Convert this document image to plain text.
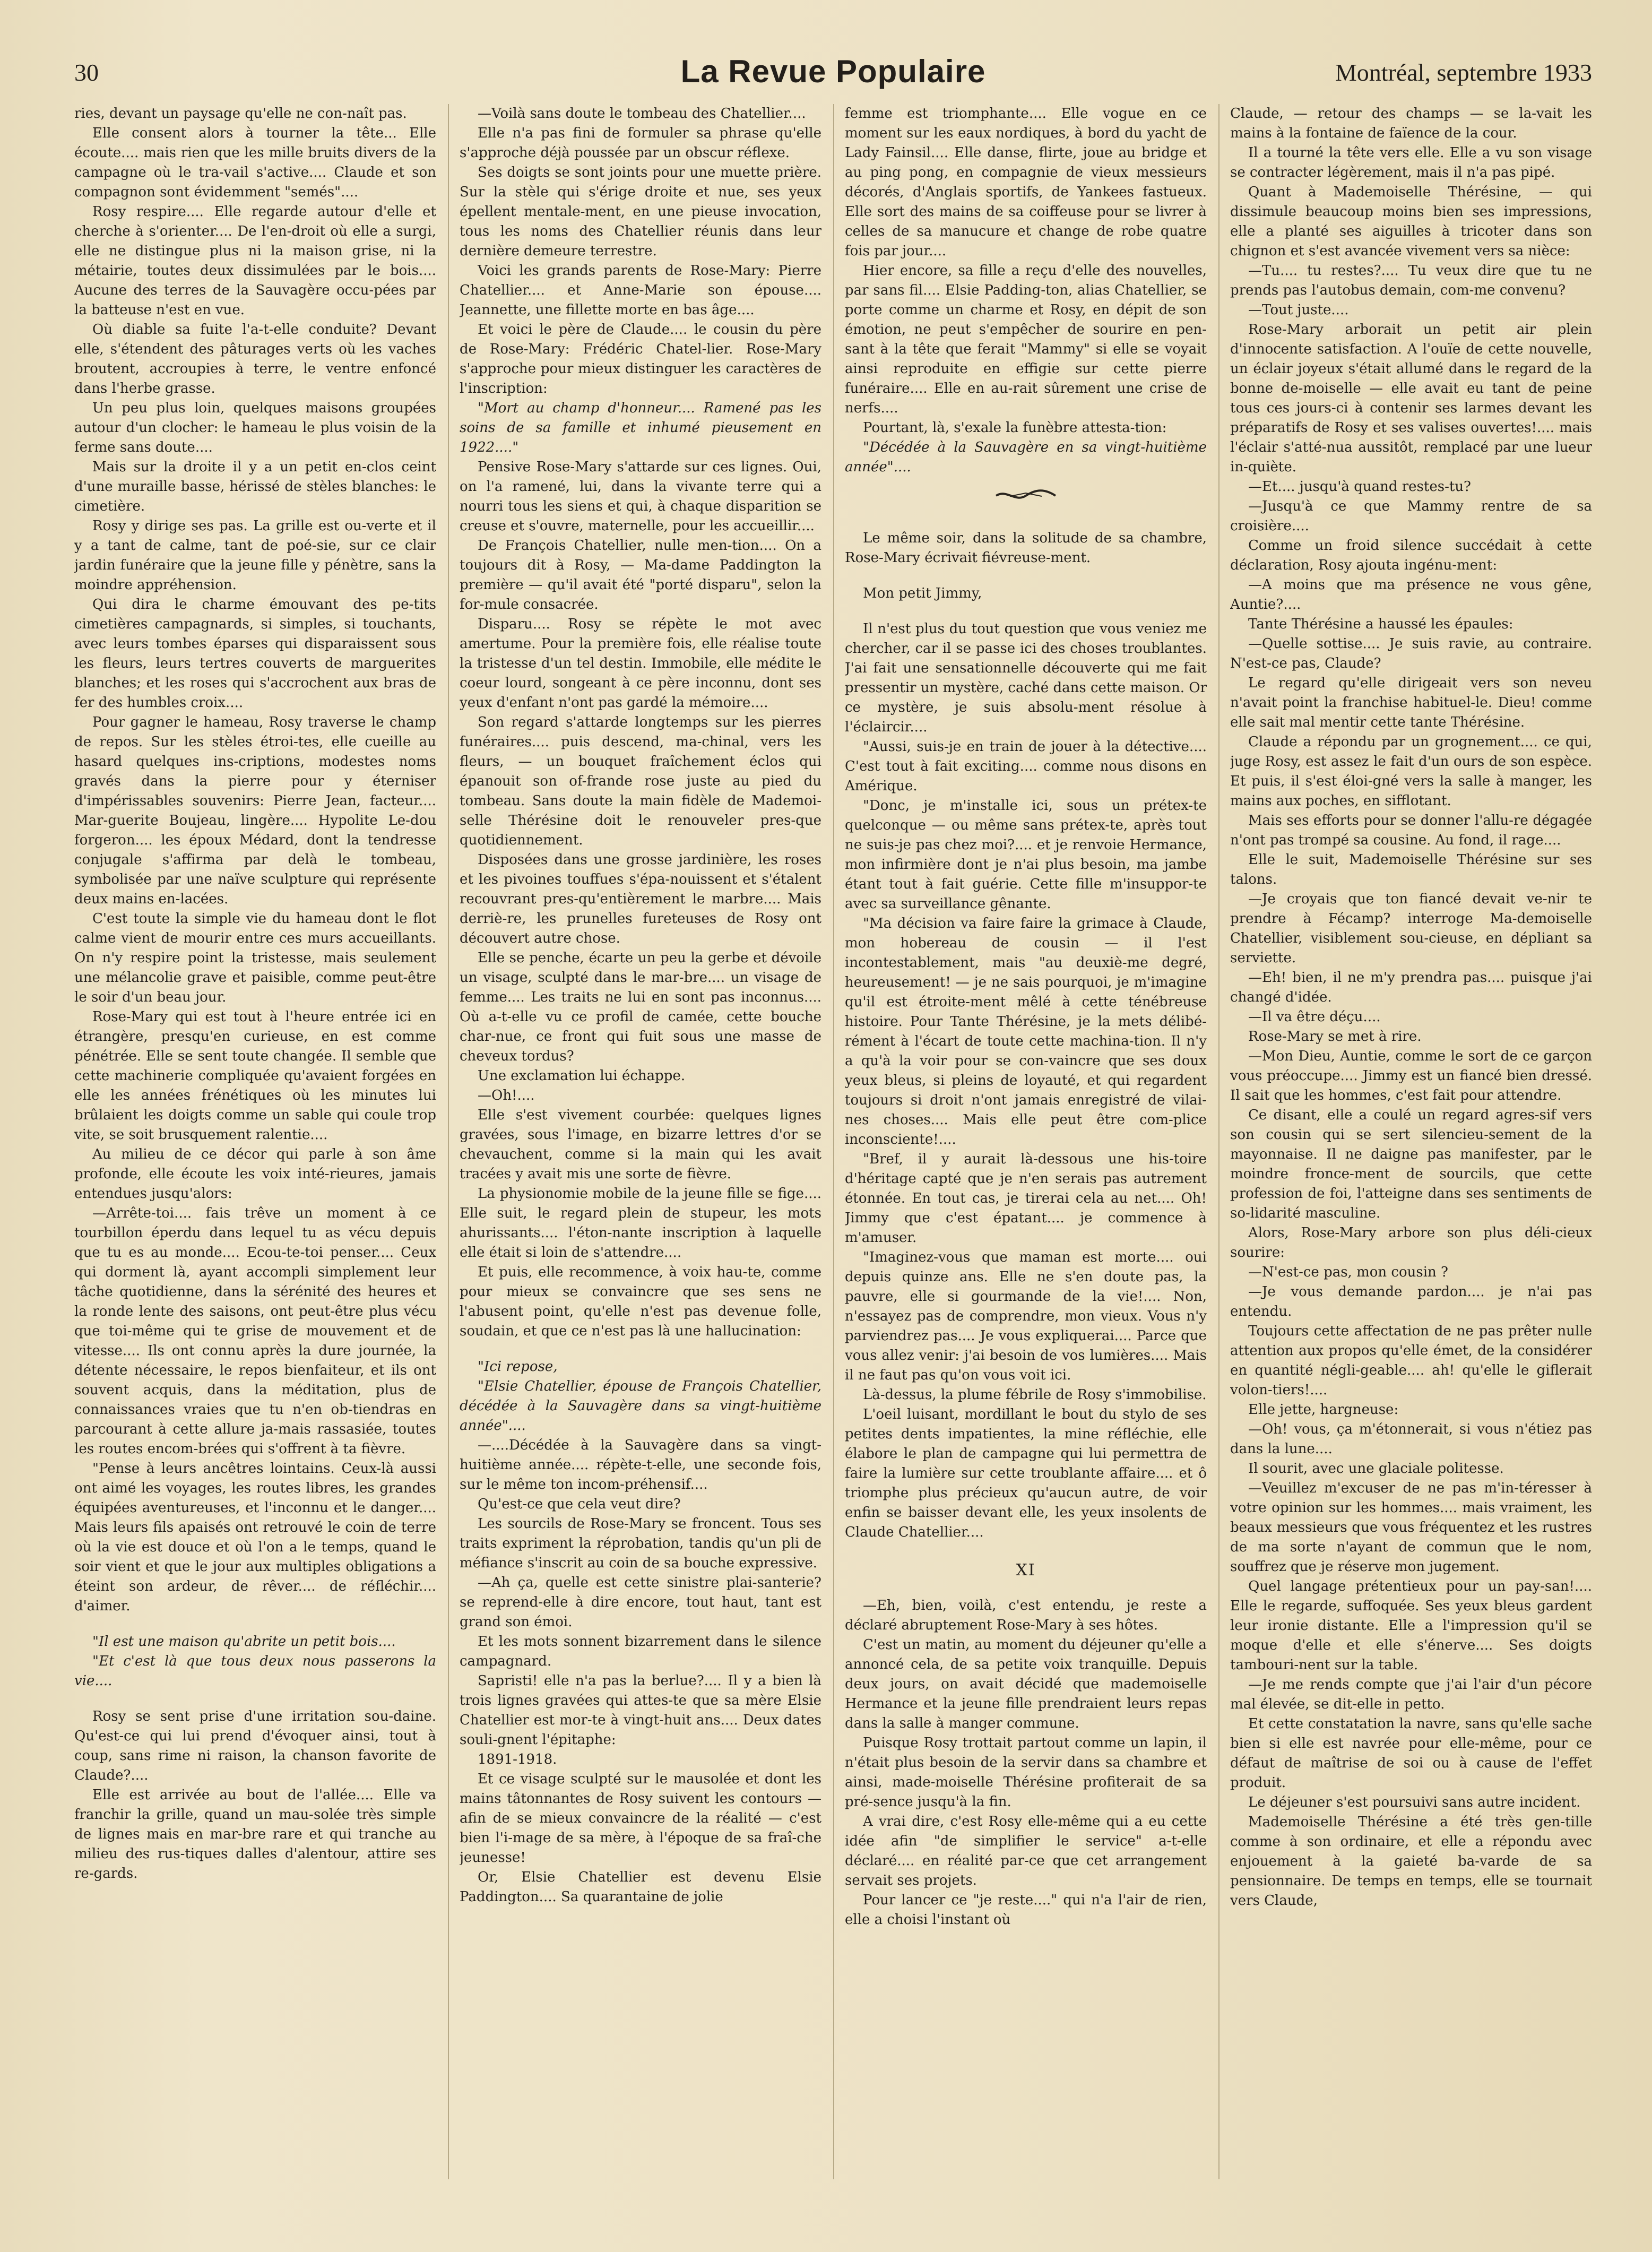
30	La Revue Populaire	Montréal, septembre 1933

ries, devant un paysage qu'elle ne con-naît pas.

Elle consent alors à tourner la tête... Elle écoute.... mais rien que les mille bruits divers de la campagne où le tra-vail s'active.... Claude et son compagnon sont évidemment "semés"....

Rosy respire.... Elle regarde autour d'elle et cherche à s'orienter.... De l'en-droit où elle a surgi, elle ne distingue plus ni la maison grise, ni la métairie, toutes deux dissimulées par le bois.... Aucune des terres de la Sauvagère occu-pées par la batteuse n'est en vue.

Où diable sa fuite l'a-t-elle conduite? Devant elle, s'étendent des pâturages verts où les vaches broutent, accroupies à terre, le ventre enfoncé dans l'herbe grasse.

Un peu plus loin, quelques maisons groupées autour d'un clocher: le hameau le plus voisin de la ferme sans doute....

Mais sur la droite il y a un petit en-clos ceint d'une muraille basse, hérissé de stèles blanches: le cimetière.

Rosy y dirige ses pas. La grille est ou-verte et il y a tant de calme, tant de poé-sie, sur ce clair jardin funéraire que la jeune fille y pénètre, sans la moindre appréhension.

Qui dira le charme émouvant des pe-tits cimetières campagnards, si simples, si touchants, avec leurs tombes éparses qui disparaissent sous les fleurs, leurs tertres couverts de marguerites blanches; et les roses qui s'accrochent aux bras de fer des humbles croix....

Pour gagner le hameau, Rosy traverse le champ de repos. Sur les stèles étroi-tes, elle cueille au hasard quelques ins-criptions, modestes noms gravés dans la pierre pour y éterniser d'impérissables souvenirs: Pierre Jean, facteur.... Mar-guerite Boujeau, lingère.... Hypolite Le-dou forgeron.... les époux Médard, dont la tendresse conjugale s'affirma par delà le tombeau, symbolisée par une naïve sculpture qui représente deux mains en-lacées.

C'est toute la simple vie du hameau dont le flot calme vient de mourir entre ces murs accueillants. On n'y respire point la tristesse, mais seulement une mélancolie grave et paisible, comme peut-être le soir d'un beau jour.

Rose-Mary qui est tout à l'heure entrée ici en étrangère, presqu'en curieuse, en est comme pénétrée. Elle se sent toute changée. Il semble que cette machinerie compliquée qu'avaient forgées en elle les années frénétiques où les minutes lui brûlaient les doigts comme un sable qui coule trop vite, se soit brusquement ralentie....

Au milieu de ce décor qui parle à son âme profonde, elle écoute les voix inté-rieures, jamais entendues jusqu'alors:

—Arrête-toi.... fais trêve un moment à ce tourbillon éperdu dans lequel tu as vécu depuis que tu es au monde.... Ecou-te-toi penser.... Ceux qui dorment là, ayant accompli simplement leur tâche quotidienne, dans la sérénité des heures et la ronde lente des saisons, ont peut-être plus vécu que toi-même qui te grise de mouvement et de vitesse.... Ils ont connu après la dure journée, la détente nécessaire, le repos bienfaiteur, et ils ont souvent acquis, dans la méditation, plus de connaissances vraies que tu n'en ob-tiendras en parcourant à cette allure ja-mais rassasiée, toutes les routes encom-brées qui s'offrent à ta fièvre.

"Pense à leurs ancêtres lointains. Ceux-là aussi ont aimé les voyages, les routes libres, les grandes équipées aventureuses, et l'inconnu et le danger.... Mais leurs fils apaisés ont retrouvé le coin de terre où la vie est douce et où l'on a le temps, quand le soir vient et que le jour aux multiples obligations a éteint son ardeur, de rêver.... de réfléchir.... d'aimer.

"Il est une maison qu'abrite un petit bois....

"Et c'est là que tous deux nous passerons la vie....

Rosy se sent prise d'une irritation sou-daine. Qu'est-ce qui lui prend d'évoquer ainsi, tout à coup, sans rime ni raison, la chanson favorite de Claude?....

Elle est arrivée au bout de l'allée.... Elle va franchir la grille, quand un mau-solée très simple de lignes mais en mar-bre rare et qui tranche au milieu des rus-tiques dalles d'alentour, attire ses re-gards.

—Voilà sans doute le tombeau des Chatellier....

Elle n'a pas fini de formuler sa phrase qu'elle s'approche déjà poussée par un obscur réflexe.

Ses doigts se sont joints pour une muette prière. Sur la stèle qui s'érige droite et nue, ses yeux épellent mentale-ment, en une pieuse invocation, tous les noms des Chatellier réunis dans leur dernière demeure terrestre.

Voici les grands parents de Rose-Mary: Pierre Chatellier.... et Anne-Marie son épouse.... Jeannette, une fillette morte en bas âge....

Et voici le père de Claude.... le cousin du père de Rose-Mary: Frédéric Chatel-lier. Rose-Mary s'approche pour mieux distinguer les caractères de l'inscription:

"Mort au champ d'honneur.... Ramené pas les soins de sa famille et inhumé pieusement en 1922...."

Pensive Rose-Mary s'attarde sur ces lignes. Oui, on l'a ramené, lui, dans la vivante terre qui a nourri tous les siens et qui, à chaque disparition se creuse et s'ouvre, maternelle, pour les accueillir....

De François Chatellier, nulle men-tion.... On a toujours dit à Rosy, — Ma-dame Paddington la première — qu'il avait été "porté disparu", selon la for-mule consacrée.

Disparu.... Rosy se répète le mot avec amertume. Pour la première fois, elle réalise toute la tristesse d'un tel destin. Immobile, elle médite le coeur lourd, songeant à ce père inconnu, dont ses yeux d'enfant n'ont pas gardé la mémoire....

Son regard s'attarde longtemps sur les pierres funéraires.... puis descend, ma-chinal, vers les fleurs, — un bouquet fraîchement éclos qui épanouit son of-frande rose juste au pied du tombeau. Sans doute la main fidèle de Mademoi-selle Thérésine doit le renouveler pres-que quotidiennement.

Disposées dans une grosse jardinière, les roses et les pivoines touffues s'épa-nouissent et s'étalent recouvrant pres-qu'entièrement le marbre.... Mais derriè-re, les prunelles fureteuses de Rosy ont découvert autre chose.

Elle se penche, écarte un peu la gerbe et dévoile un visage, sculpté dans le mar-bre.... un visage de femme.... Les traits ne lui en sont pas inconnus.... Où a-t-elle vu ce profil de camée, cette bouche char-nue, ce front qui fuit sous une masse de cheveux tordus?

Une exclamation lui échappe.

—Oh!....

Elle s'est vivement courbée: quelques lignes gravées, sous l'image, en bizarre lettres d'or se chevauchent, comme si la main qui les avait tracées y avait mis une sorte de fièvre.

La physionomie mobile de la jeune fille se fige.... Elle suit, le regard plein de stupeur, les mots ahurissants.... l'éton-nante inscription à laquelle elle était si loin de s'attendre....

Et puis, elle recommence, à voix hau-te, comme pour mieux se convaincre que ses sens ne l'abusent point, qu'elle n'est pas devenue folle, soudain, et que ce n'est pas là une hallucination:

"Ici repose,

"Elsie Chatellier, épouse de François Chatellier, décédée à la Sauvagère dans sa vingt-huitième année"....

—....Décédée à la Sauvagère dans sa vingt-huitième année.... répète-t-elle, une seconde fois, sur le même ton incom-préhensif....

Qu'est-ce que cela veut dire?

Les sourcils de Rose-Mary se froncent. Tous ses traits expriment la réprobation, tandis qu'un pli de méfiance s'inscrit au coin de sa bouche expressive.

—Ah ça, quelle est cette sinistre plai-santerie? se reprend-elle à dire encore, tout haut, tant est grand son émoi.

Et les mots sonnent bizarrement dans le silence campagnard.

Sapristi! elle n'a pas la berlue?.... Il y a bien là trois lignes gravées qui attes-te que sa mère Elsie Chatellier est mor-te à vingt-huit ans.... Deux dates souli-gnent l'épitaphe:

1891-1918.

Et ce visage sculpté sur le mausolée et dont les mains tâtonnantes de Rosy suivent les contours — afin de se mieux convaincre de la réalité — c'est bien l'i-mage de sa mère, à l'époque de sa fraî-che jeunesse!

Or, Elsie Chatellier est devenu Elsie Paddington.... Sa quarantaine de jolie

femme est triomphante.... Elle vogue en ce moment sur les eaux nordiques, à bord du yacht de Lady Fainsil.... Elle danse, flirte, joue au bridge et au ping pong, en compagnie de vieux messieurs décorés, d'Anglais sportifs, de Yankees fastueux. Elle sort des mains de sa coiffeuse pour se livrer à celles de sa manucure et change de robe quatre fois par jour....

Hier encore, sa fille a reçu d'elle des nouvelles, par sans fil.... Elsie Padding-ton, alias Chatellier, se porte comme un charme et Rosy, en dépit de son émotion, ne peut s'empêcher de sourire en pen-sant à la tête que ferait "Mammy" si elle se voyait ainsi reproduite en effigie sur cette pierre funéraire.... Elle en au-rait sûrement une crise de nerfs....

Pourtant, là, s'exale la funèbre attesta-tion:

"Décédée à la Sauvagère en sa vingt-huitième année"....

Le même soir, dans la solitude de sa chambre, Rose-Mary écrivait fiévreuse-ment.

Mon petit Jimmy,

Il n'est plus du tout question que vous veniez me chercher, car il se passe ici des choses troublantes. J'ai fait une sensationnelle découverte qui me fait pressentir un mystère, caché dans cette maison. Or ce mystère, je suis absolu-ment résolue à l'éclaircir....

"Aussi, suis-je en train de jouer à la détective.... C'est tout à fait exciting.... comme nous disons en Amérique.

"Donc, je m'installe ici, sous un prétex-te quelconque — ou même sans prétex-te, après tout ne suis-je pas chez moi?.... et je renvoie Hermance, mon infirmière dont je n'ai plus besoin, ma jambe étant tout à fait guérie. Cette fille m'insuppor-te avec sa surveillance gênante.

"Ma décision va faire faire la grimace à Claude, mon hobereau de cousin — il l'est incontestablement, mais "au deuxiè-me degré, heureusement! — je ne sais pourquoi, je m'imagine qu'il est étroite-ment mêlé à cette ténébreuse histoire. Pour Tante Thérésine, je la mets délibé-rément à l'écart de toute cette machina-tion. Il n'y a qu'à la voir pour se con-vaincre que ses doux yeux bleus, si pleins de loyauté, et qui regardent toujours si droit n'ont jamais enregistré de vilai-nes choses.... Mais elle peut être com-plice inconsciente!....

"Bref, il y aurait là-dessous une his-toire d'héritage capté que je n'en serais pas autrement étonnée. En tout cas, je tirerai cela au net.... Oh! Jimmy que c'est épatant.... je commence à m'amuser.

"Imaginez-vous que maman est morte.... oui depuis quinze ans. Elle ne s'en doute pas, la pauvre, elle si gourmande de la vie!.... Non, n'essayez pas de comprendre, mon vieux. Vous n'y parviendrez pas.... Je vous expliquerai.... Parce que vous allez venir: j'ai besoin de vos lumières.... Mais il ne faut pas qu'on vous voit ici.

Là-dessus, la plume fébrile de Rosy s'immobilise.

L'oeil luisant, mordillant le bout du stylo de ses petites dents impatientes, la mine réfléchie, elle élabore le plan de campagne qui lui permettra de faire la lumière sur cette troublante affaire.... et ô triomphe plus précieux qu'aucun autre, de voir enfin se baisser devant elle, les yeux insolents de Claude Chatellier....

XI

—Eh, bien, voilà, c'est entendu, je reste a déclaré abruptement Rose-Mary à ses hôtes.

C'est un matin, au moment du déjeuner qu'elle a annoncé cela, de sa petite voix tranquille. Depuis deux jours, on avait décidé que mademoiselle Hermance et la jeune fille prendraient leurs repas dans la salle à manger commune.

Puisque Rosy trottait partout comme un lapin, il n'était plus besoin de la servir dans sa chambre et ainsi, made-moiselle Thérésine profiterait de sa pré-sence jusqu'à la fin.

A vrai dire, c'est Rosy elle-même qui a eu cette idée afin "de simplifier le service" a-t-elle déclaré.... en réalité par-ce que cet arrangement servait ses projets.

Pour lancer ce "je reste...." qui n'a l'air de rien, elle a choisi l'instant où

Claude, — retour des champs — se la-vait les mains à la fontaine de faïence de la cour.

Il a tourné la tête vers elle. Elle a vu son visage se contracter légèrement, mais il n'a pas pipé.

Quant à Mademoiselle Thérésine, — qui dissimule beaucoup moins bien ses impressions, elle a planté ses aiguilles à tricoter dans son chignon et s'est avancée vivement vers sa nièce:

—Tu.... tu restes?.... Tu veux dire que tu ne prends pas l'autobus demain, com-me convenu?

—Tout juste....

Rose-Mary arborait un petit air plein d'innocente satisfaction. A l'ouïe de cette nouvelle, un éclair joyeux s'était allumé dans le regard de la bonne de-moiselle — elle avait eu tant de peine tous ces jours-ci à contenir ses larmes devant les préparatifs de Rosy et ses valises ouvertes!.... mais l'éclair s'atté-nua aussitôt, remplacé par une lueur in-quiète.

—Et.... jusqu'à quand restes-tu?

—Jusqu'à ce que Mammy rentre de sa croisière....

Comme un froid silence succédait à cette déclaration, Rosy ajouta ingénu-ment:

—A moins que ma présence ne vous gêne, Auntie?....

Tante Thérésine a haussé les épaules:

—Quelle sottise.... Je suis ravie, au contraire. N'est-ce pas, Claude?

Le regard qu'elle dirigeait vers son neveu n'avait point la franchise habituel-le. Dieu! comme elle sait mal mentir cette tante Thérésine.

Claude a répondu par un grognement.... ce qui, juge Rosy, est assez le fait d'un ours de son espèce. Et puis, il s'est éloi-gné vers la salle à manger, les mains aux poches, en sifflotant.

Mais ses efforts pour se donner l'allu-re dégagée n'ont pas trompé sa cousine. Au fond, il rage....

Elle le suit, Mademoiselle Thérésine sur ses talons.

—Je croyais que ton fiancé devait ve-nir te prendre à Fécamp? interroge Ma-demoiselle Chatellier, visiblement sou-cieuse, en dépliant sa serviette.

—Eh! bien, il ne m'y prendra pas.... puisque j'ai changé d'idée.

—Il va être déçu....

Rose-Mary se met à rire.

—Mon Dieu, Auntie, comme le sort de ce garçon vous préoccupe.... Jimmy est un fiancé bien dressé. Il sait que les hommes, c'est fait pour attendre.

Ce disant, elle a coulé un regard agres-sif vers son cousin qui se sert silencieu-sement de la mayonnaise. Il ne daigne pas manifester, par le moindre fronce-ment de sourcils, que cette profession de foi, l'atteigne dans ses sentiments de so-lidarité masculine.

Alors, Rose-Mary arbore son plus déli-cieux sourire:

—N'est-ce pas, mon cousin ?

—Je vous demande pardon.... je n'ai pas entendu.

Toujours cette affectation de ne pas prêter nulle attention aux propos qu'elle émet, de la considérer en quantité négli-geable.... ah! qu'elle le giflerait volon-tiers!....

Elle jette, hargneuse:

—Oh! vous, ça m'étonnerait, si vous n'étiez pas dans la lune....

Il sourit, avec une glaciale politesse.

—Veuillez m'excuser de ne pas m'in-téresser à votre opinion sur les hommes.... mais vraiment, les beaux messieurs que vous fréquentez et les rustres de ma sorte n'ayant de commun que le nom, souffrez que je réserve mon jugement.

Quel langage prétentieux pour un pay-san!.... Elle le regarde, suffoquée. Ses yeux bleus gardent leur ironie distante. Elle a l'impression qu'il se moque d'elle et elle s'énerve.... Ses doigts tambouri-nent sur la table.

—Je me rends compte que j'ai l'air d'un pécore mal élevée, se dit-elle in petto.

Et cette constatation la navre, sans qu'elle sache bien si elle est navrée pour elle-même, pour ce défaut de maîtrise de soi ou à cause de l'effet produit.

Le déjeuner s'est poursuivi sans autre incident.

Mademoiselle Thérésine a été très gen-tille comme à son ordinaire, et elle a répondu avec enjouement à la gaieté ba-varde de sa pensionnaire. De temps en temps, elle se tournait vers Claude,
